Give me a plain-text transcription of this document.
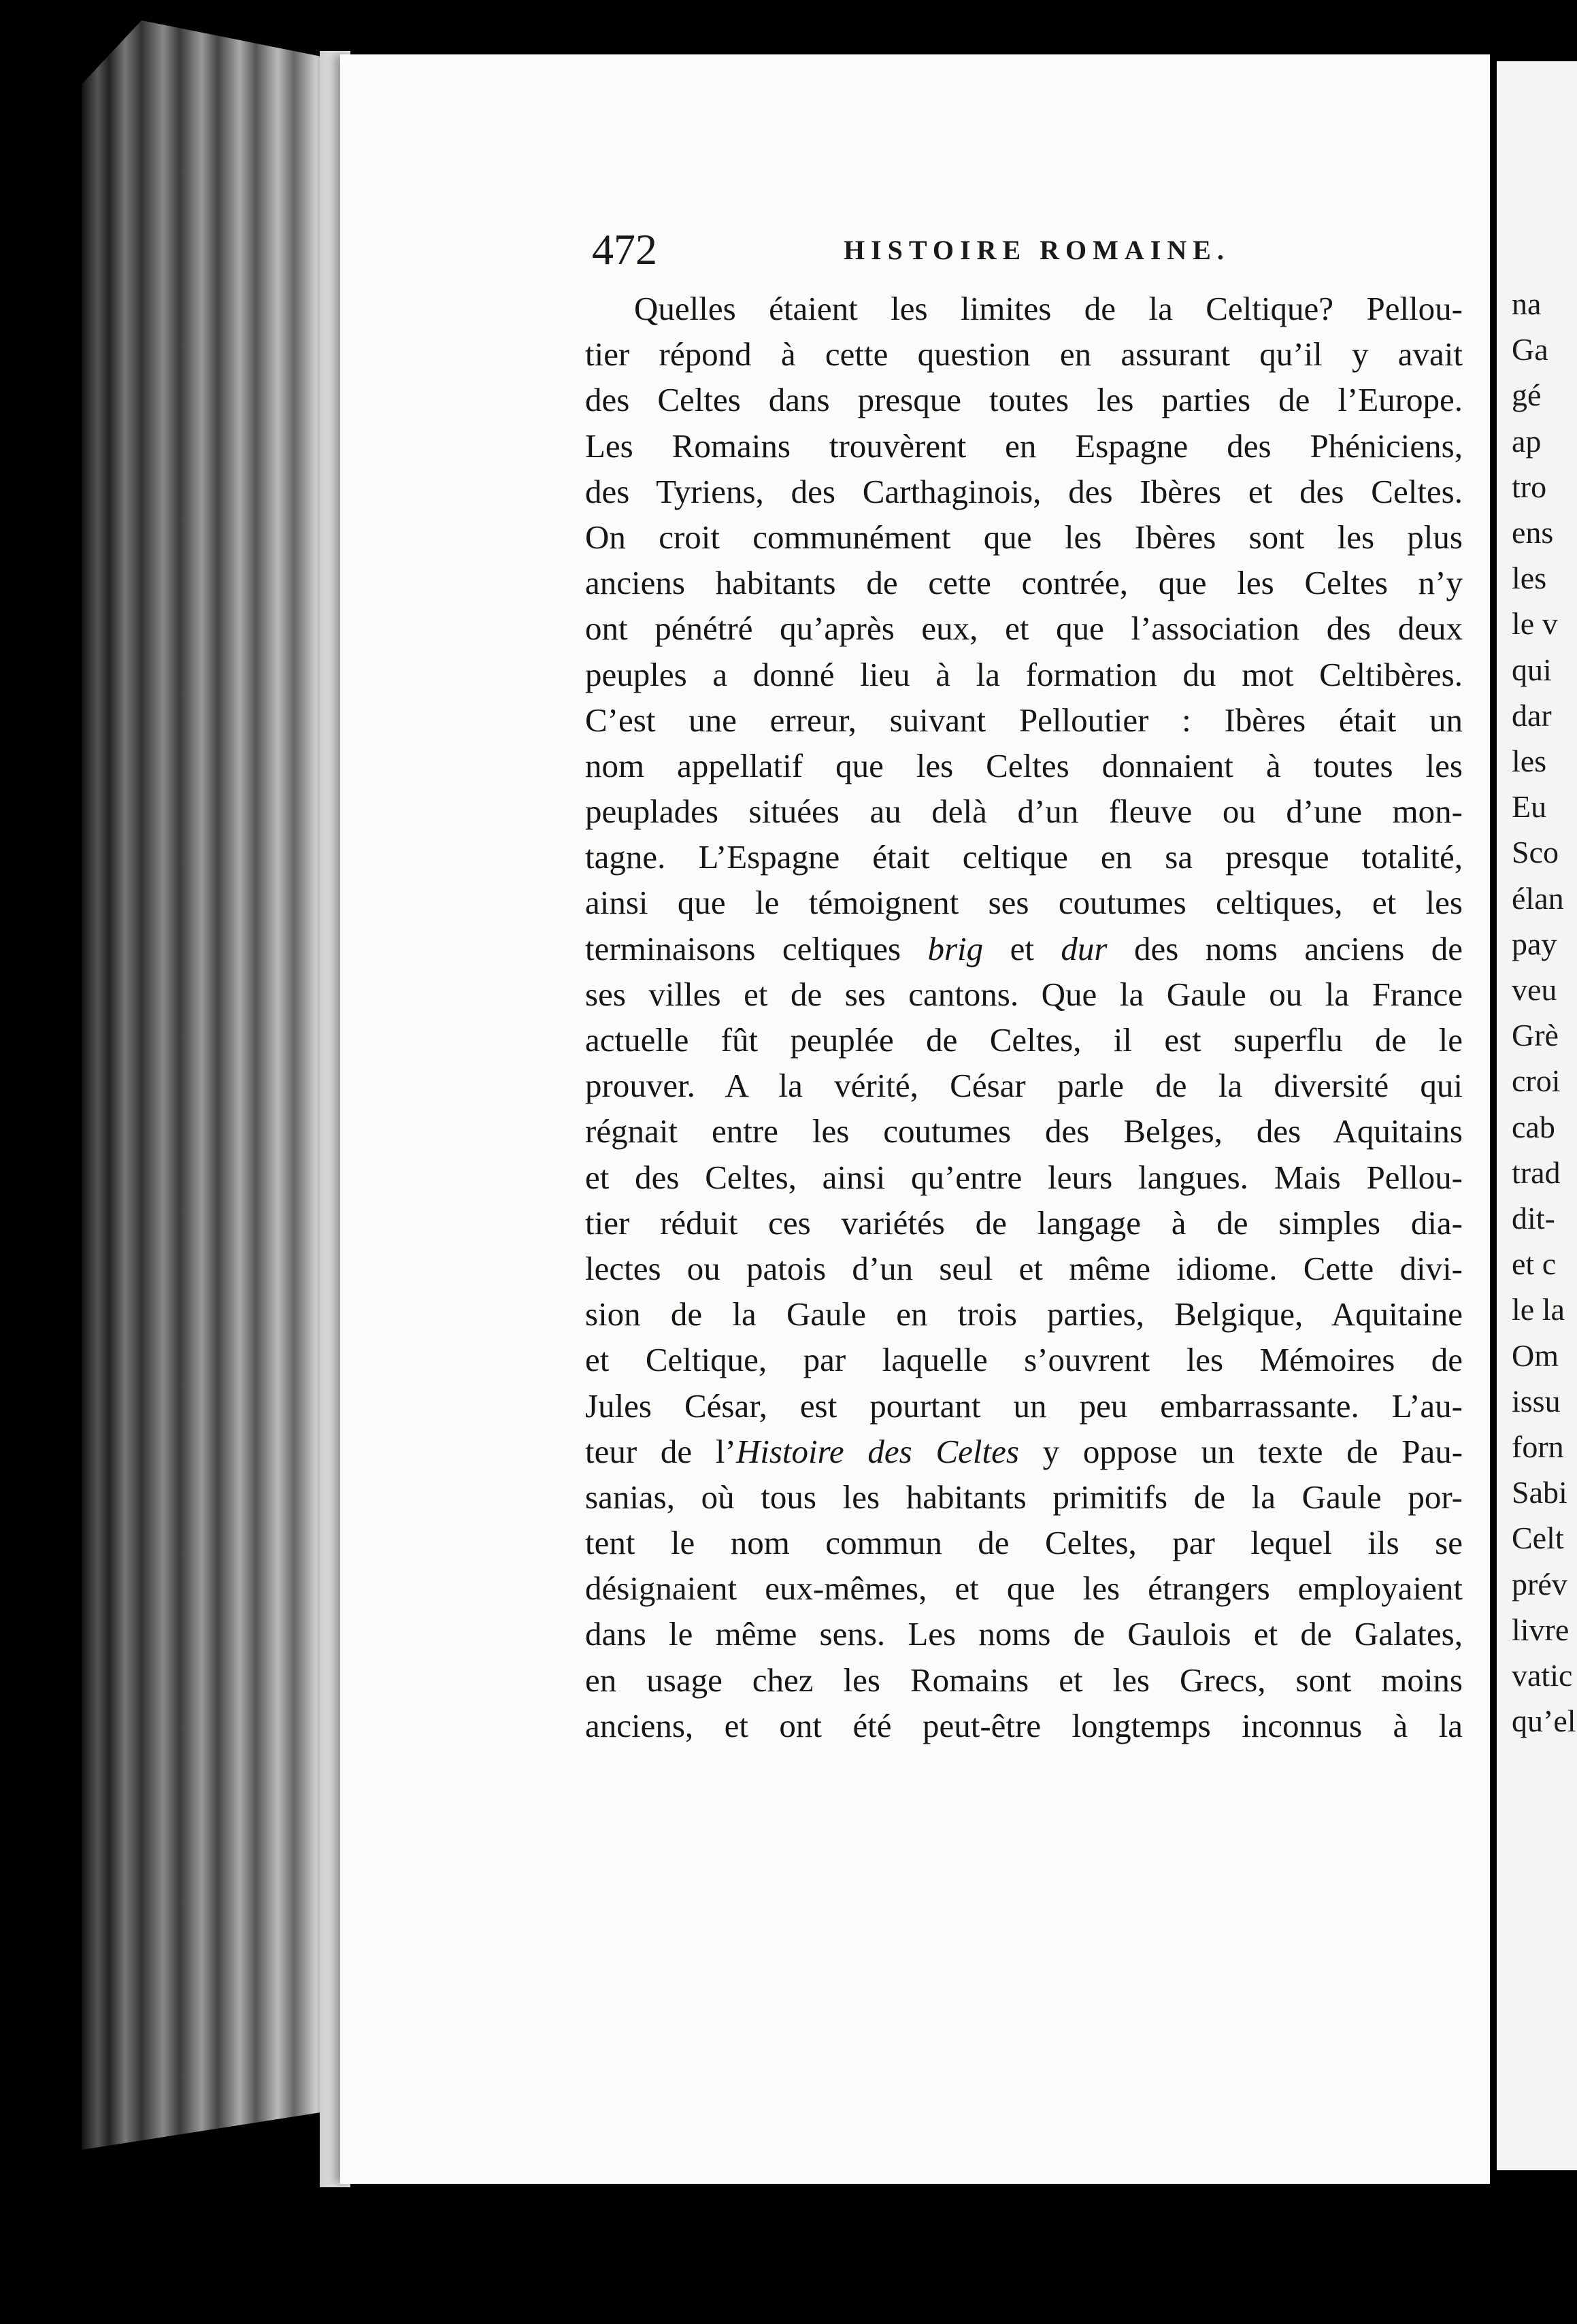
472	HISTOIRE ROMAINE.
Quelles étaient les limites de la Celtique? Pellou-
tier répond à cette question en assurant qu’il y avait
des Celtes dans presque toutes les parties de l’Europe.
Les Romains trouvèrent en Espagne des Phéniciens,
des Tyriens, des Carthaginois, des Ibères et des Celtes.
On croit communément que les Ibères sont les plus
anciens habitants de cette contrée, que les Celtes n’y
ont pénétré qu’après eux, et que l’association des deux
peuples a donné lieu à la formation du mot Celtibères.
C’est une erreur, suivant Pelloutier : Ibères était un
nom appellatif que les Celtes donnaient à toutes les
peuplades situées au delà d’un fleuve ou d’une mon-
tagne. L’Espagne était celtique en sa presque totalité,
ainsi que le témoignent ses coutumes celtiques, et les
terminaisons celtiques brig et dur des noms anciens de
ses villes et de ses cantons. Que la Gaule ou la France
actuelle fût peuplée de Celtes, il est superflu de le
prouver. A la vérité, César parle de la diversité qui
régnait entre les coutumes des Belges, des Aquitains
et des Celtes, ainsi qu’entre leurs langues. Mais Pellou-
tier réduit ces variétés de langage à de simples dia-
lectes ou patois d’un seul et même idiome. Cette divi-
sion de la Gaule en trois parties, Belgique, Aquitaine
et Celtique, par laquelle s’ouvrent les Mémoires de
Jules César, est pourtant un peu embarrassante. L’au-
teur de l’Histoire des Celtes y oppose un texte de Pau-
sanias, où tous les habitants primitifs de la Gaule por-
tent le nom commun de Celtes, par lequel ils se
désignaient eux-mêmes, et que les étrangers employaient
dans le même sens. Les noms de Gaulois et de Galates,
en usage chez les Romains et les Grecs, sont moins
anciens, et ont été peut-être longtemps inconnus à la
na
Ga
gé
ap
tro
ens
les
le v
qui
dar
les
Eu
Sco
élan
pay
veu
Grè
croi
cab
trad
dit-
et c
le la
Om
issu
forn
Sabi
Celt
prév
livre
vatic
qu’el
